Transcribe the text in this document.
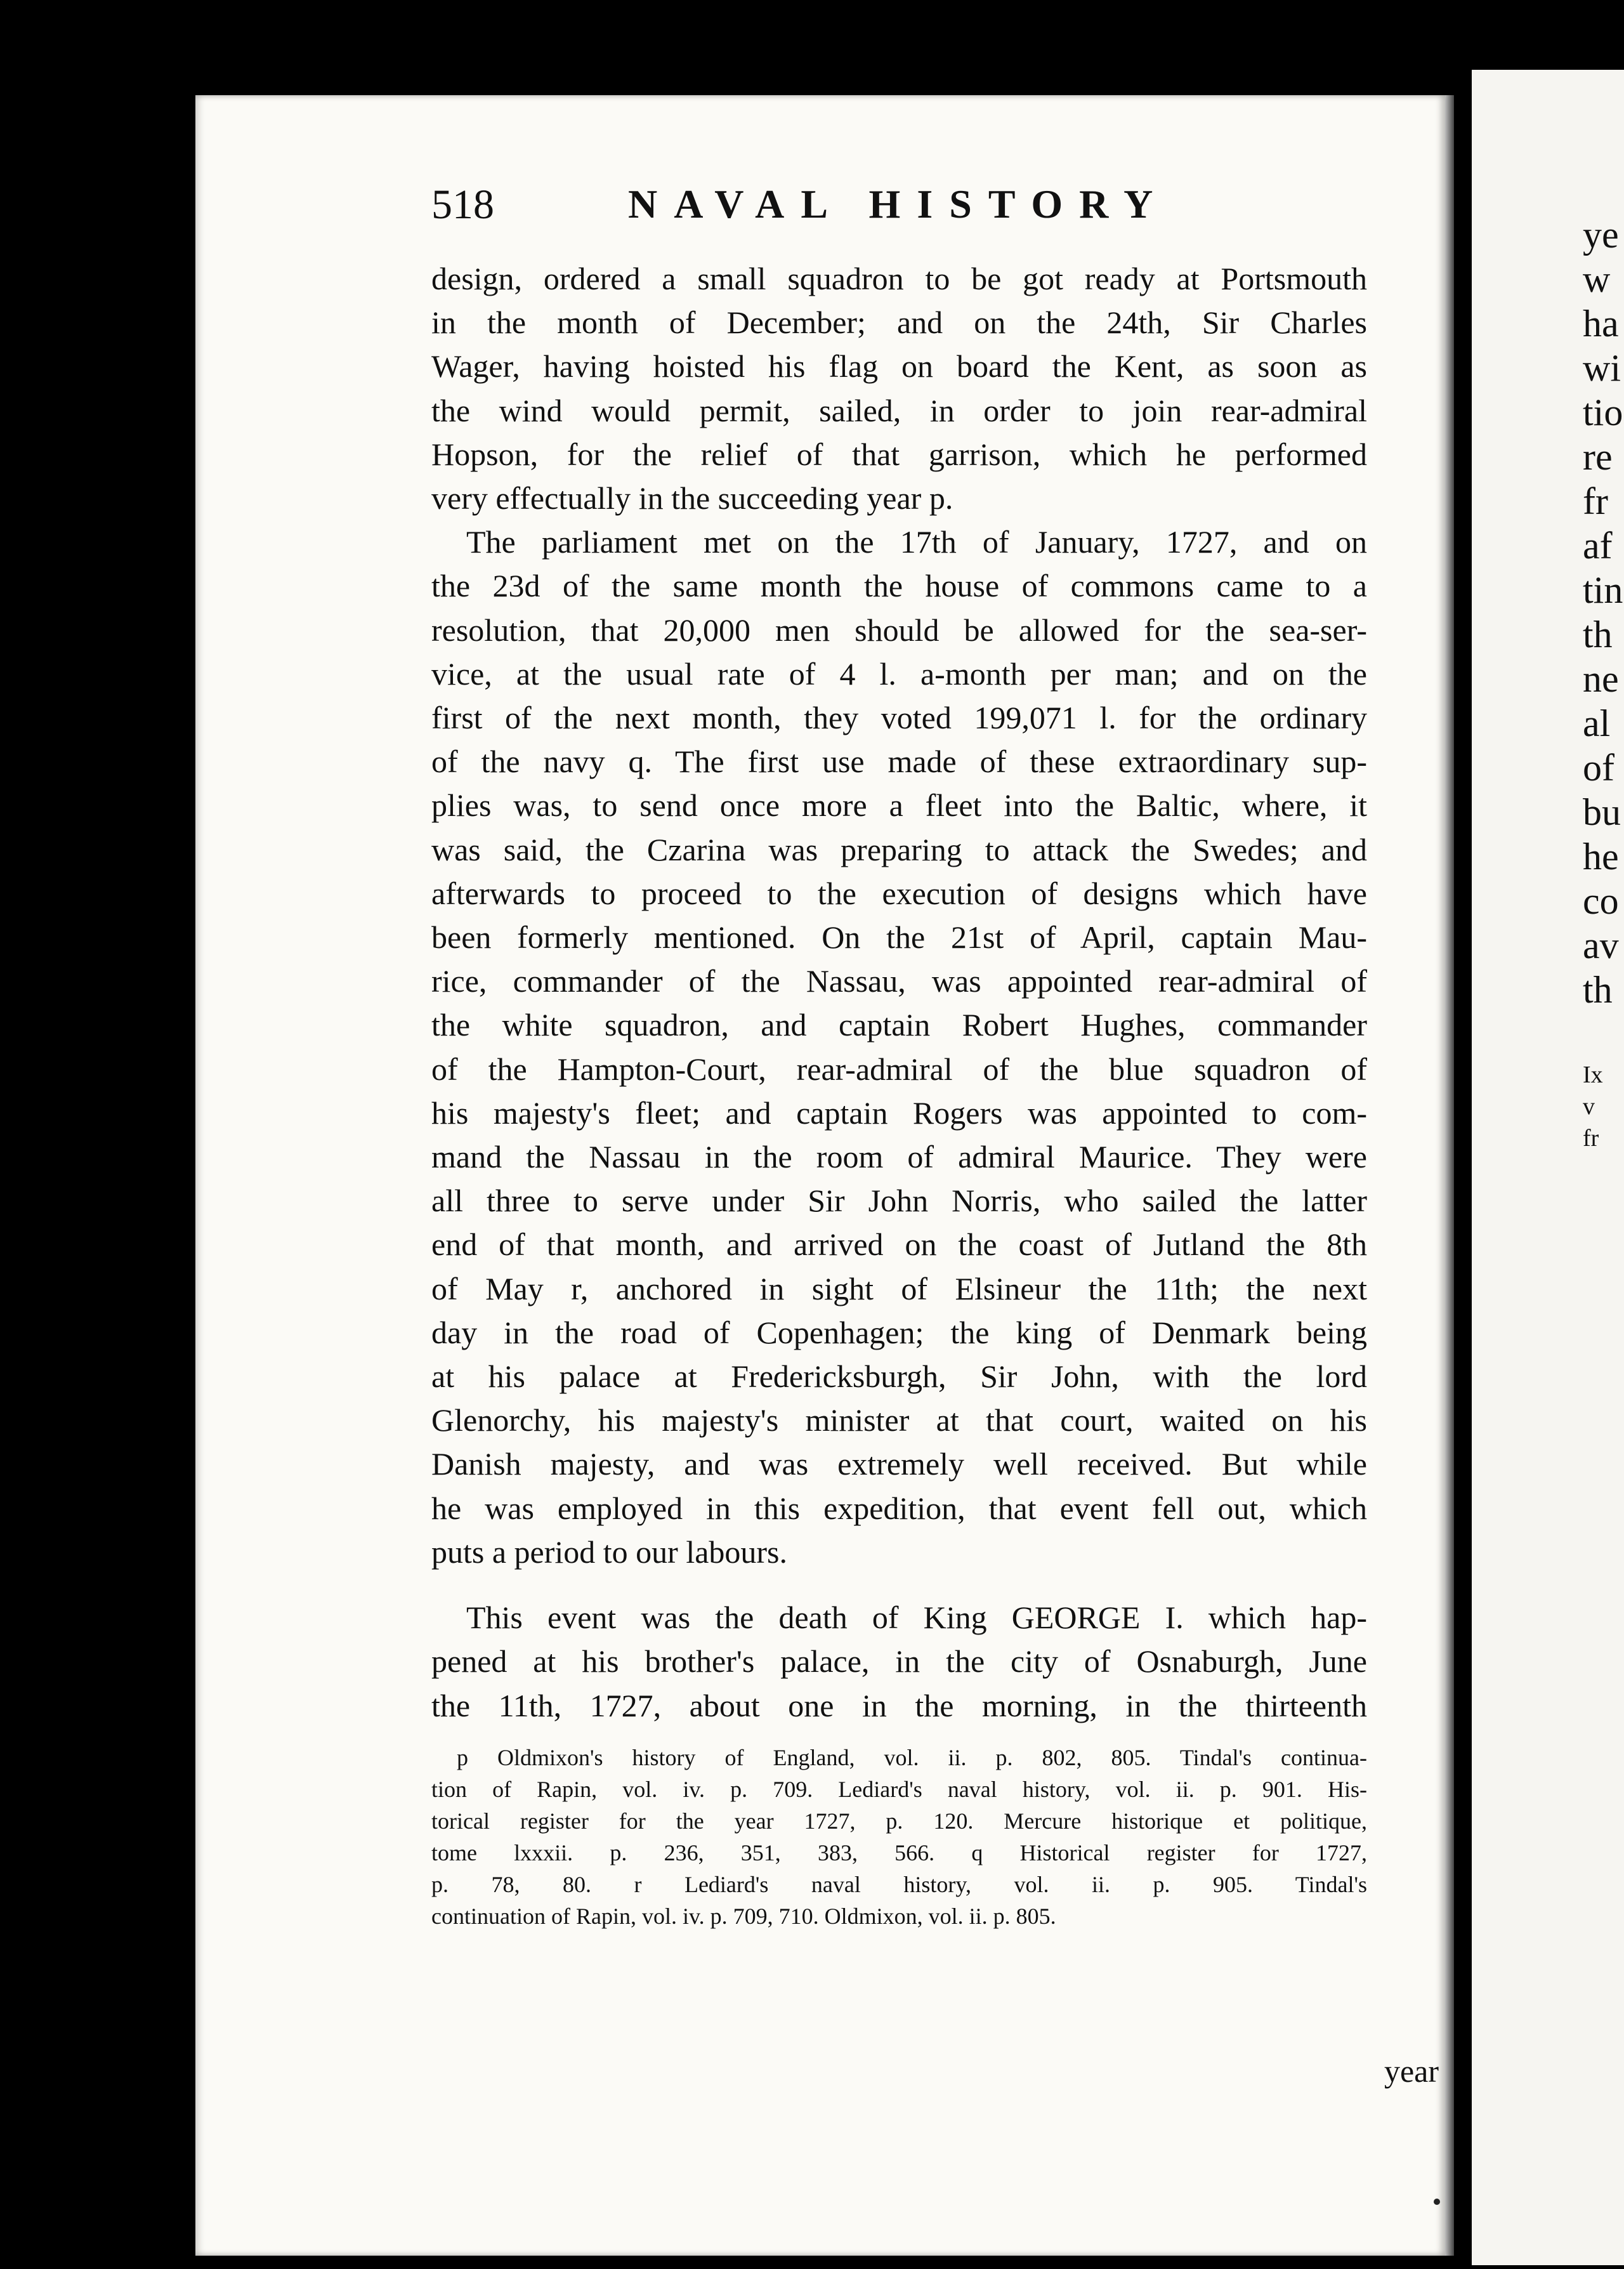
518	NAVAL HISTORY

design, ordered a small squadron to be got ready at Portsmouth

in the month of December; and on the 24th, Sir Charles

Wager, having hoisted his flag on board the Kent, as soon as

the wind would permit, sailed, in order to join rear-admiral

Hopson, for the relief of that garrison, which he performed

very effectually in the succeeding year p.

The parliament met on the 17th of January, 1727, and on

the 23d of the same month the house of commons came to a

resolution, that 20,000 men should be allowed for the sea-ser-

vice, at the usual rate of 4 l. a-month per man; and on the

first of the next month, they voted 199,071 l. for the ordinary

of the navy q. The first use made of these extraordinary sup-

plies was, to send once more a fleet into the Baltic, where, it

was said, the Czarina was preparing to attack the Swedes; and

afterwards to proceed to the execution of designs which have

been formerly mentioned. On the 21st of April, captain Mau-

rice, commander of the Nassau, was appointed rear-admiral of

the white squadron, and captain Robert Hughes, commander

of the Hampton-Court, rear-admiral of the blue squadron of

his majesty's fleet; and captain Rogers was appointed to com-

mand the Nassau in the room of admiral Maurice. They were

all three to serve under Sir John Norris, who sailed the latter

end of that month, and arrived on the coast of Jutland the 8th

of May r, anchored in sight of Elsineur the 11th; the next

day in the road of Copenhagen; the king of Denmark being

at his palace at Fredericksburgh, Sir John, with the lord

Glenorchy, his majesty's minister at that court, waited on his

Danish majesty, and was extremely well received. But while

he was employed in this expedition, that event fell out, which

puts a period to our labours.

This event was the death of King GEORGE I. which hap-

pened at his brother's palace, in the city of Osnaburgh, June

the 11th, 1727, about one in the morning, in the thirteenth

p Oldmixon's history of England, vol. ii. p. 802, 805. Tindal's continua-

tion of Rapin, vol. iv. p. 709. Lediard's naval history, vol. ii. p. 901. His-

torical register for the year 1727, p. 120. Mercure historique et politique,

tome lxxxii. p. 236, 351, 383, 566. q Historical register for 1727,

p. 78, 80. r Lediard's naval history, vol. ii. p. 905. Tindal's

continuation of Rapin, vol. iv. p. 709, 710. Oldmixon, vol. ii. p. 805.

year
ye
w
ha
wi
tio
re
fr
af
tin
th
ne
al
of
bu
he
co
av
th
Ix
v
fr
